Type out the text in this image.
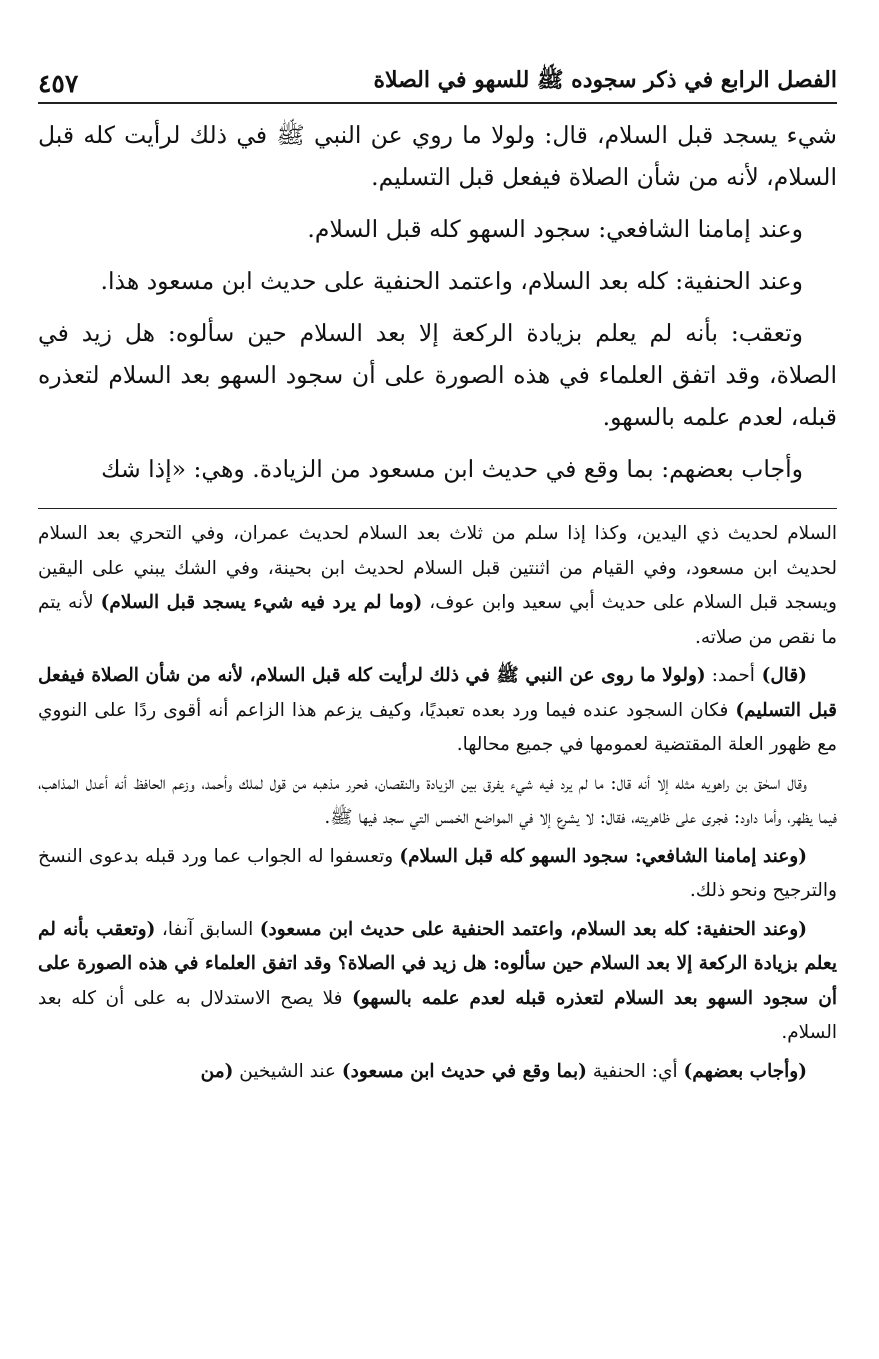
الفصل الرابع في ذكر سجوده ﷺ للسهو في الصلاة
٤٥٧

شيء يسجد قبل السلام، قال: ولولا ما روي عن النبي ﷺ في ذلك لرأيت كله قبل السلام، لأنه من شأن الصلاة فيفعل قبل التسليم.

وعند إمامنا الشافعي: سجود السهو كله قبل السلام.

وعند الحنفية: كله بعد السلام، واعتمد الحنفية على حديث ابن مسعود هذا.

وتعقب: بأنه لم يعلم بزيادة الركعة إلا بعد السلام حين سألوه: هل زيد في الصلاة، وقد اتفق العلماء في هذه الصورة على أن سجود السهو بعد السلام لتعذره قبله، لعدم علمه بالسهو.

وأجاب بعضهم: بما وقع في حديث ابن مسعود من الزيادة. وهي: «إذا شك

السلام لحديث ذي اليدين، وكذا إذا سلم من ثلاث بعد السلام لحديث عمران، وفي التحري بعد السلام لحديث ابن مسعود، وفي القيام من اثنتين قبل السلام لحديث ابن بحينة، وفي الشك يبني على اليقين ويسجد قبل السلام على حديث أبي سعيد وابن عوف، (وما لم يرد فيه شيء يسجد قبل السلام) لأنه يتم ما نقص من صلاته.

(قال) أحمد: (ولولا ما روى عن النبي ﷺ في ذلك لرأيت كله قبل السلام، لأنه من شأن الصلاة فيفعل قبل التسليم) فكان السجود عنده فيما ورد بعده تعبديًا، وكيف يزعم هذا الزاعم أنه أقوى ردًا على النووي مع ظهور العلة المقتضية لعمومها في جميع محالها.

وقال اسحٰق بن راهويه مثله إلا أنه قال: ما لم يرد فيه شيء يفرق بين الزيادة والنقصان، فحرر مذهبه من قول لملك وأحمد، وزعم الحافظ أنه أعدل المذاهب، فيما يظهر، وأما داود: فجرى على ظاهريته، فقال: لا يشرع إلا في المواضع الخمس التي سجد فيها ﷺ.

(وعند إمامنا الشافعي: سجود السهو كله قبل السلام) وتعسفوا له الجواب عما ورد قبله بدعوى النسخ والترجيح ونحو ذلك.

(وعند الحنفية: كله بعد السلام، واعتمد الحنفية على حديث ابن مسعود) السابق آنفا، (وتعقب بأنه لم يعلم بزيادة الركعة إلا بعد السلام حين سألوه: هل زيد في الصلاة؟ وقد اتفق العلماء في هذه الصورة على أن سجود السهو بعد السلام لتعذره قبله لعدم علمه بالسهو) فلا يصح الاستدلال به على أن كله بعد السلام.

(وأجاب بعضهم) أي: الحنفية (بما وقع في حديث ابن مسعود) عند الشيخين (من
